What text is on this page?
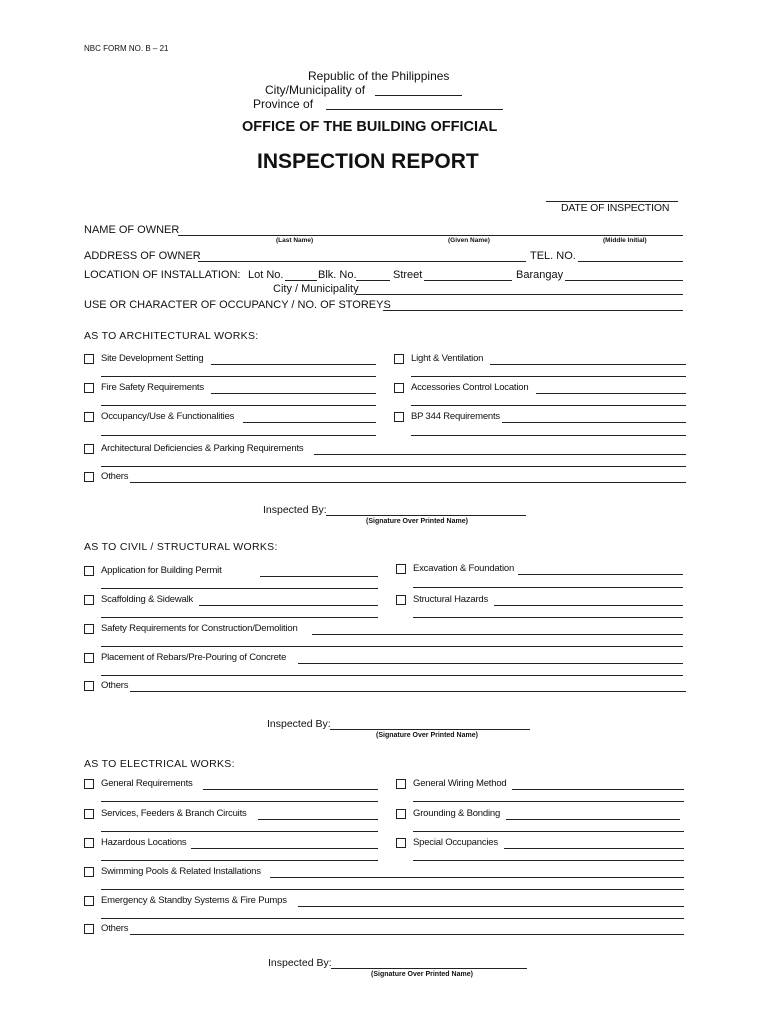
NBC FORM NO. B – 21
Republic of the Philippines
City/Municipality of
Province of
OFFICE OF THE BUILDING OFFICIAL
INSPECTION REPORT
DATE OF INSPECTION
NAME OF OWNER
(Last Name)	(Given Name)	(Middle Initial)
ADDRESS OF OWNER	TEL. NO.
LOCATION OF INSTALLATION: Lot No.	Blk. No.	Street	Barangay
City / Municipality
USE OR CHARACTER OF OCCUPANCY / NO. OF STOREYS
AS TO ARCHITECTURAL WORKS:
Site Development Setting	Light & Ventilation
Fire Safety Requirements	Accessories Control Location
Occupancy/Use & Functionalities	BP 344 Requirements
Architectural Deficiencies & Parking Requirements
Others
Inspected By:
(Signature Over Printed Name)
AS TO CIVIL / STRUCTURAL WORKS:
Application for Building Permit	Excavation & Foundation
Scaffolding & Sidewalk	Structural Hazards
Safety Requirements for Construction/Demolition
Placement of Rebars/Pre-Pouring of Concrete
Others
Inspected By:
(Signature Over Printed Name)
AS TO ELECTRICAL WORKS:
General Requirements	General Wiring Method
Services, Feeders & Branch Circuits	Grounding & Bonding
Hazardous Locations	Special Occupancies
Swimming Pools & Related Installations
Emergency & Standby Systems & Fire Pumps
Others
Inspected By:
(Signature Over Printed Name)
